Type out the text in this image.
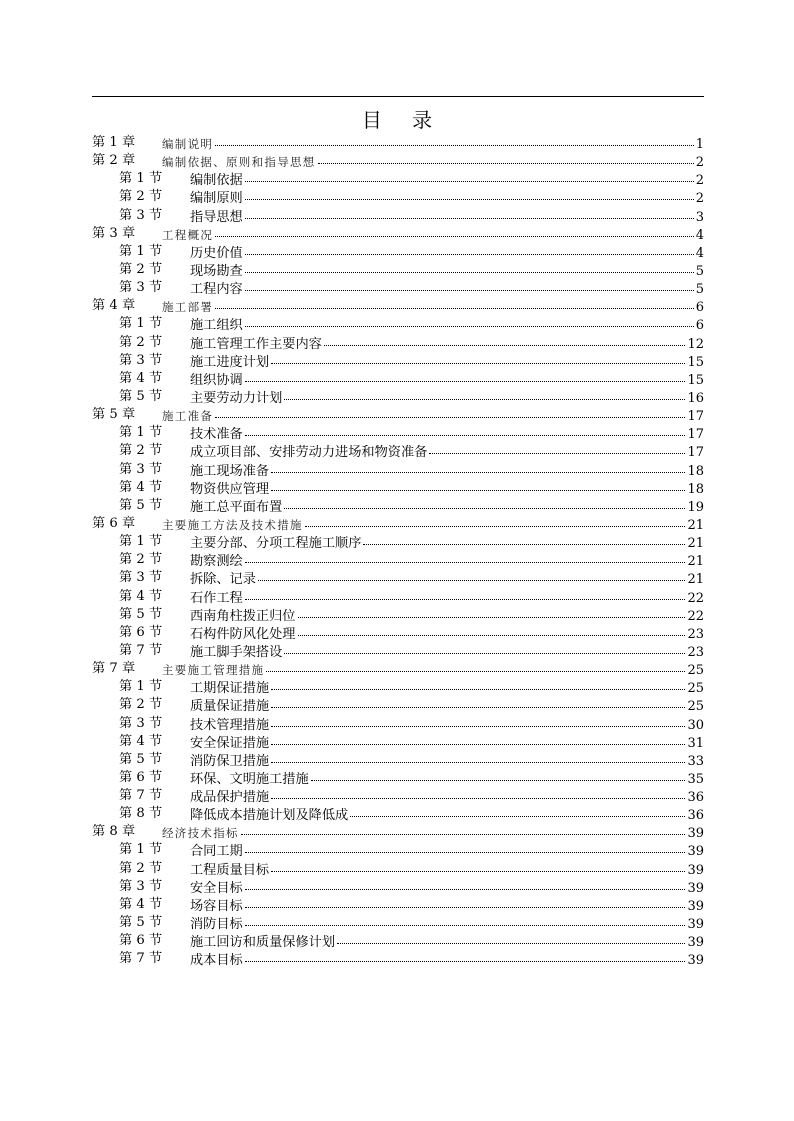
目 录
第 1 章 编制说明	1
第 2 章 编制依据、原则和指导思想	2
第 1 节 编制依据	2
第 2 节 编制原则	2
第 3 节 指导思想	3
第 3 章 工程概况	4
第 1 节 历史价值	4
第 2 节 现场勘查	5
第 3 节 工程内容	5
第 4 章 施工部署	6
第 1 节 施工组织	6
第 2 节 施工管理工作主要内容	12
第 3 节 施工进度计划	15
第 4 节 组织协调	15
第 5 节 主要劳动力计划	16
第 5 章 施工准备	17
第 1 节 技术准备	17
第 2 节 成立项目部、安排劳动力进场和物资准备	17
第 3 节 施工现场准备	18
第 4 节 物资供应管理	18
第 5 节 施工总平面布置	19
第 6 章 主要施工方法及技术措施	21
第 1 节 主要分部、分项工程施工顺序	21
第 2 节 勘察测绘	21
第 3 节 拆除、记录	21
第 4 节 石作工程	22
第 5 节 西南角柱拨正归位	22
第 6 节 石构件防风化处理	23
第 7 节 施工脚手架搭设	23
第 7 章 主要施工管理措施	25
第 1 节 工期保证措施	25
第 2 节 质量保证措施	25
第 3 节 技术管理措施	30
第 4 节 安全保证措施	31
第 5 节 消防保卫措施	33
第 6 节 环保、文明施工措施	35
第 7 节 成品保护措施	36
第 8 节 降低成本措施计划及降低成	36
第 8 章 经济技术指标	39
第 1 节 合同工期	39
第 2 节 工程质量目标	39
第 3 节 安全目标	39
第 4 节 场容目标	39
第 5 节 消防目标	39
第 6 节 施工回访和质量保修计划	39
第 7 节 成本目标	39
